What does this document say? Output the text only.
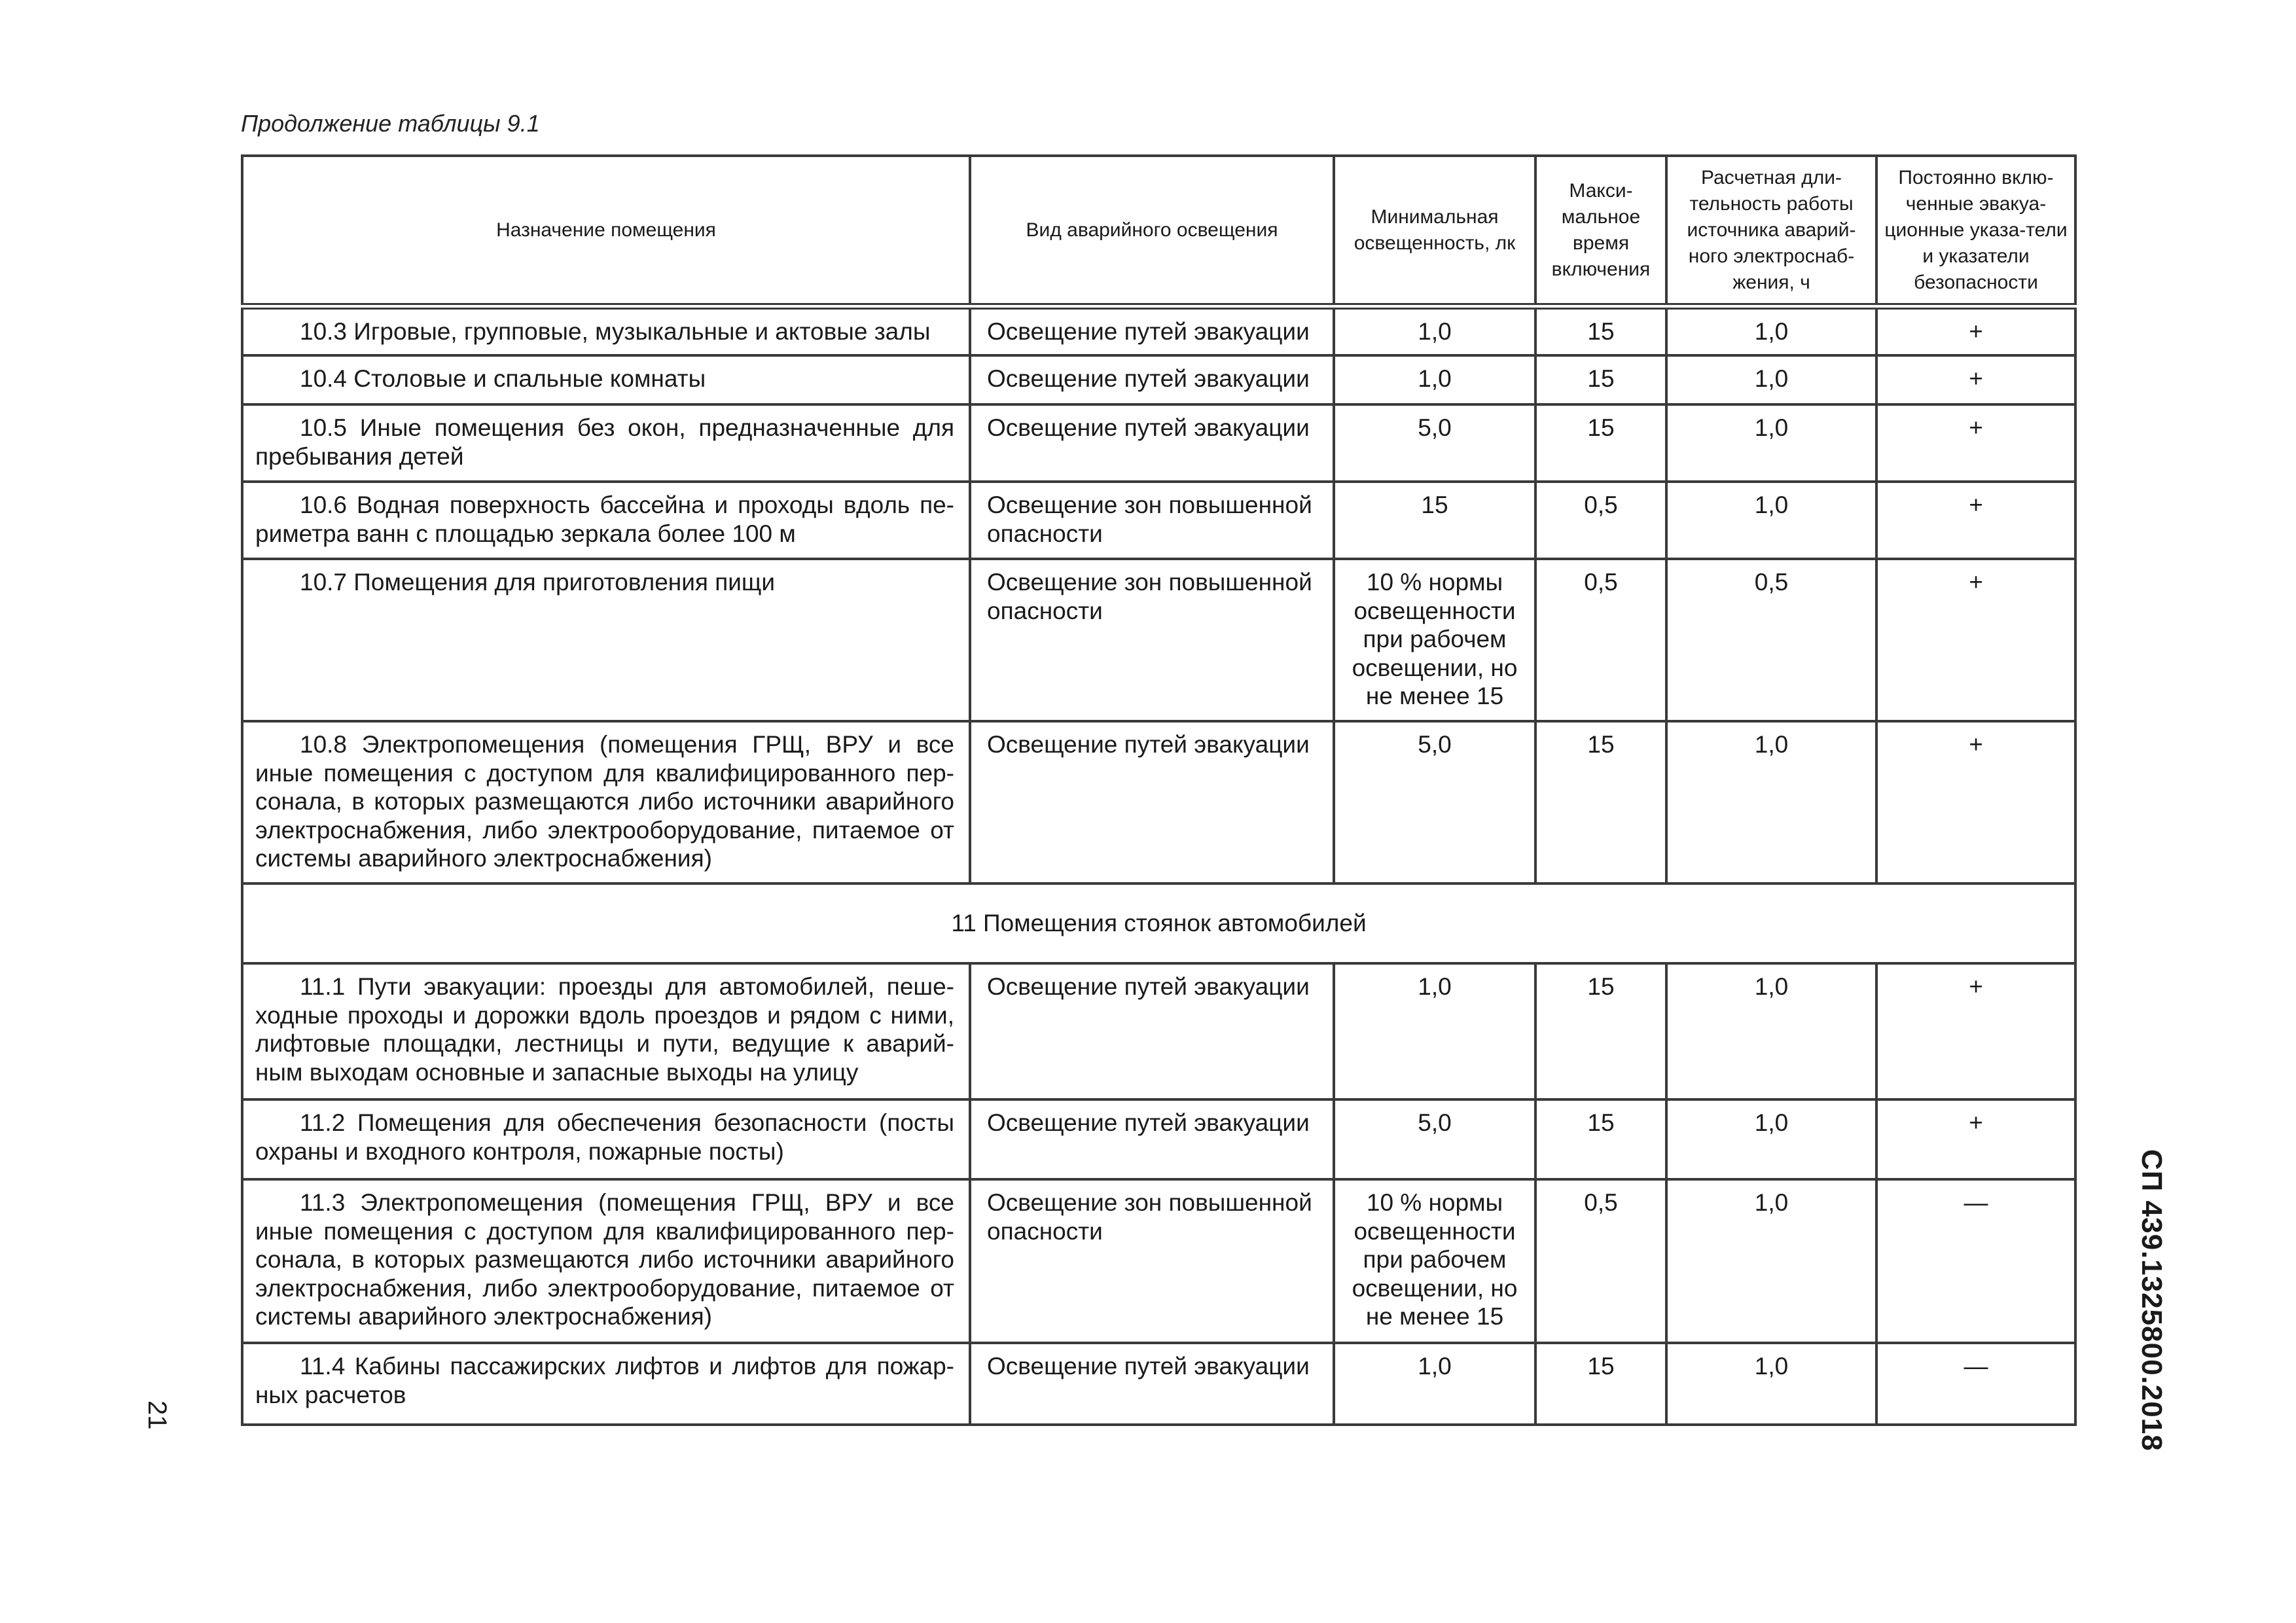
Продолжение таблицы 9.1
Назначение помещения	Вид аварийного освещения	Минимальная освещенность, лк	Макси-мальное время включения	Расчетная дли-тельность работы источника аварий-ного электроснаб-жения, ч	Постоянно вклю-ченные эвакуа-ционные указа-тели и указатели безопасности
10.3 Игровые, групповые, музыкальные и актовые залы	Освещение путей эвакуации	1,0	15	1,0	+
10.4 Столовые и спальные комнаты	Освещение путей эвакуации	1,0	15	1,0	+
10.5 Иные помещения без окон, предназначенные для пребывания детей	Освещение путей эвакуации	5,0	15	1,0	+
10.6 Водная поверхность бассейна и проходы вдоль пе-риметра ванн с площадью зеркала более 100 м	Освещение зон повышенной опасности	15	0,5	1,0	+
10.7 Помещения для приготовления пищи	Освещение зон повышенной опасности	10 % нормы освещенности при рабочем освещении, но не менее 15	0,5	0,5	+
10.8 Электропомещения (помещения ГРЩ, ВРУ и все иные помещения с доступом для квалифицированного пер-сонала, в которых размещаются либо источники аварийного электроснабжения, либо электрооборудование, питаемое от системы аварийного электроснабжения)	Освещение путей эвакуации	5,0	15	1,0	+
11 Помещения стоянок автомобилей					
11.1 Пути эвакуации: проезды для автомобилей, пеше-ходные проходы и дорожки вдоль проездов и рядом с ними, лифтовые площадки, лестницы и пути, ведущие к аварий-ным выходам основные и запасные выходы на улицу	Освещение путей эвакуации	1,0	15	1,0	+
11.2 Помещения для обеспечения безопасности (посты охраны и входного контроля, пожарные посты)	Освещение путей эвакуации	5,0	15	1,0	+
11.3 Электропомещения (помещения ГРЩ, ВРУ и все иные помещения с доступом для квалифицированного пер-сонала, в которых размещаются либо источники аварийного электроснабжения, либо электрооборудование, питаемое от системы аварийного электроснабжения)	Освещение зон повышенной опасности	10 % нормы освещенности при рабочем освещении, но не менее 15	0,5	1,0	—
11.4 Кабины пассажирских лифтов и лифтов для пожар-ных расчетов	Освещение путей эвакуации	1,0	15	1,0	—	СП 439.1325800.2018
21
